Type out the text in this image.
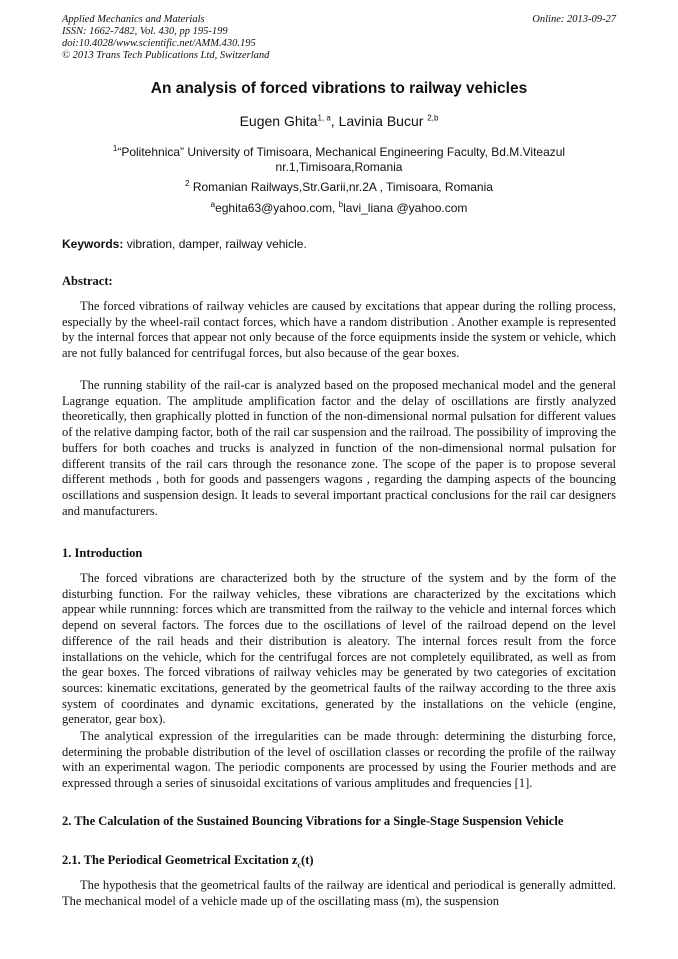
Applied Mechanics and Materials
ISSN: 1662-7482, Vol. 430, pp 195-199
doi:10.4028/www.scientific.net/AMM.430.195
© 2013 Trans Tech Publications Ltd, Switzerland
Online: 2013-09-27
An analysis of forced vibrations to railway vehicles
Eugen Ghita$^{1, a}$, Lavinia Bucur $^{2,b}$
$^1$“Politehnica” University of Timisoara, Mechanical Engineering Faculty, Bd.M.Viteazul nr.1,Timisoara,Romania
$^2$ Romanian Railways,Str.Garii,nr.2A , Timisoara, Romania
$^a$eghita63@yahoo.com, $^b$lavi_liana @yahoo.com
Keywords: vibration, damper, railway vehicle.
Abstract:

The forced vibrations of railway vehicles are caused by excitations that appear during the rolling process, especially by the wheel-rail contact forces, which have a random distribution . Another example is represented by the internal forces that appear not only because of the force equipments inside the system or vehicle, which are not fully balanced for centrifugal forces, but also because of the gear boxes.

The running stability of the rail-car is analyzed based on the proposed mechanical model and the general Lagrange equation. The amplitude amplification factor and the delay of oscillations are firstly analyzed theoretically, then graphically plotted in function of the non-dimensional normal pulsation for different values of the relative damping factor, both of the rail car suspension and the railroad. The possibility of improving the buffers for both coaches and trucks is analyzed in function of the non-dimensional normal pulsation for different transits of the rail cars through the resonance zone. The scope of the paper is to propose several different methods , both for goods and passengers wagons , regarding the damping aspects of the bouncing oscillations and suspension design. It leads to several important practical conclusions for the rail car designers and manufacturers.

1. Introduction

The forced vibrations are characterized both by the structure of the system and by the form of the disturbing function. For the railway vehicles, these vibrations are characterized by the excitations which appear while runnning: forces which are transmitted from the railway to the vehicle and internal forces which depend on several factors. The forces due to the oscillations of level of the railroad depend on the level difference of the rail heads and their distribution is aleatory. The internal forces result from the force installations on the vehicle, which for the centrifugal forces are not completely equilibrated, as well as from the gear boxes. The forced vibrations of railway vehicles may be generated by two categories of excitation sources: kinematic excitations, generated by the geometrical faults of the railway according to the three axis system of coordinates and dynamic excitations, generated by the installations on the vehicle (engine, generator, gear box).

The analytical expression of the irregularities can be made through: determining the disturbing force, determining the probable distribution of the level of oscillation classes or recording the profile of the railway with an experimental wagon. The periodic components are processed by using the Fourier methods and are expressed through a series of sinusoidal excitations of various amplitudes and frequencies [1].

2. The Calculation of the Sustained Bouncing Vibrations for a Single-Stage Suspension Vehicle
2.1. The Periodical Geometrical Excitation $z_c(t)$

The hypothesis that the geometrical faults of the railway are identical and periodical is generally admitted. The mechanical model of a vehicle made up of the oscillating mass (m), the suspension
